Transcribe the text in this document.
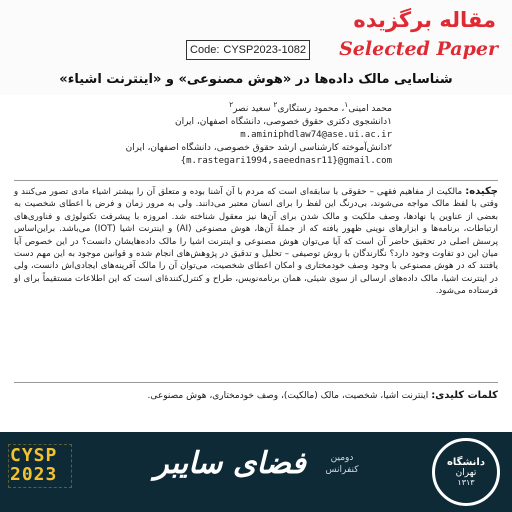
مقاله برگزیده
Selected Paper
Code: CYSP2023-1082
شناسایی مالک داده‌ها در «هوش مصنوعی» و «اینترنت اشیاء»
محمد امینی$^۱$، محمود رستگاری$^۲$ سعید نصر$^۲$
۱دانشجوی دکتری حقوق خصوصی، دانشگاه اصفهان، ایران
m.aminiphdlaw74@ase.ui.ac.ir
۲دانش‌آموخته کارشناسی ارشد حقوق خصوصی، دانشگاه اصفهان، ایران
{m.rastegari1994,saeednasr11}@gmail.com
چکیده: مالکیت از مفاهیم فقهی – حقوقی با سابقه‌ای است که مردم با آن آشنا بوده و متعلق آن را بیشتر اشیاء مادی تصور می‌کنند و وقتی با لفظ مالک مواجه می‌شوند، بی‌درنگ این لفظ را برای انسان معتبر می‌دانند. ولی به مرور زمان و فرض با اعطای شخصیت به بعضی از عناوین یا نهادها، وصف ملکیت و مالک شدن برای آن‌ها نیز معقول شناخته شد. امروزه با پیشرفت تکنولوژی و فناوری‌های ارتباطات، برنامه‌ها و ابزارهای نوینی ظهور یافته که از جملهٔ آن‌ها، هوش مصنوعی (AI) و اینترنت اشیا (IOT) می‌باشد. براین‌اساس پرسش اصلی در تحقیق حاضر آن است که آیا می‌توان هوش مصنوعی و اینترنت اشیا را مالک داده‌هایشان دانست؟ در این خصوص آیا میان این دو تفاوت وجود دارد؟ نگارندگان با روش توصیفی – تحلیل و تدقیق در پژوهش‌های انجام شده و قوانین موجود به این مهم دست یافتند که در هوش مصنوعی با وجود وصف خودمختاری و امکان اعطای شخصیت، می‌توان آن را مالک آفرینه‌های ایجادی‌اش دانست، ولی در اینترنت اشیا، مالک داده‌های ارسالی از سوی شیئی، همان برنامه‌نویس، طراح و کنترل‌کنندهٔ‌ای است که این اطلاعات مستقیماً برای او فرستاده می‌شود.
کلمات کلیدی: اینترنت اشیا، شخصیت، مالک (مالکیت)، وصف خودمختاری، هوش مصنوعی.
CYSP
2023	فضای سایبر	دومین
کنفرانس
دانشگاه
تهران
۱۳۱۳
